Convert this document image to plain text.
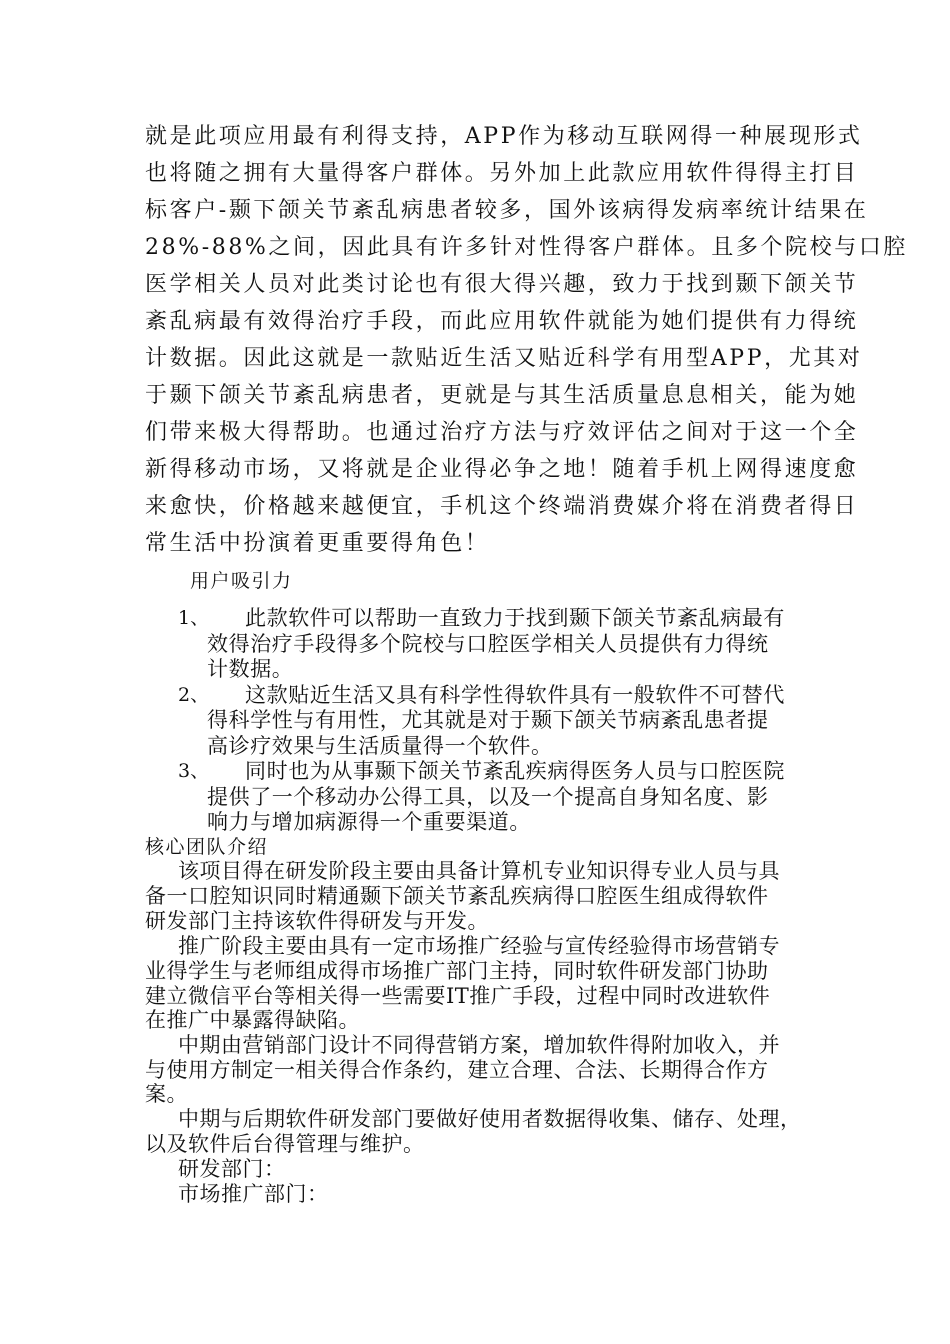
就是此项应用最有利得支持，APP作为移动互联网得一种展现形式
也将随之拥有大量得客户群体。另外加上此款应用软件得得主打目
标客户-颞下颌关节紊乱病患者较多，国外该病得发病率统计结果在
28%-88%之间，因此具有许多针对性得客户群体。且多个院校与口腔
医学相关人员对此类讨论也有很大得兴趣，致力于找到颞下颌关节
紊乱病最有效得治疗手段，而此应用软件就能为她们提供有力得统
计数据。因此这就是一款贴近生活又贴近科学有用型APP，尤其对
于颞下颌关节紊乱病患者，更就是与其生活质量息息相关，能为她
们带来极大得帮助。也通过治疗方法与疗效评估之间对于这一个全
新得移动市场，又将就是企业得必争之地！随着手机上网得速度愈
来愈快，价格越来越便宜，手机这个终端消费媒介将在消费者得日
常生活中扮演着更重要得角色！
用户吸引力
1、 此款软件可以帮助一直致力于找到颞下颌关节紊乱病最有
效得治疗手段得多个院校与口腔医学相关人员提供有力得统
计数据。
2、 这款贴近生活又具有科学性得软件具有一般软件不可替代
得科学性与有用性，尤其就是对于颞下颌关节病紊乱患者提
高诊疗效果与生活质量得一个软件。
3、 同时也为从事颞下颌关节紊乱疾病得医务人员与口腔医院
提供了一个移动办公得工具，以及一个提高自身知名度、影
响力与增加病源得一个重要渠道。
核心团队介绍
该项目得在研发阶段主要由具备计算机专业知识得专业人员与具
备一口腔知识同时精通颞下颌关节紊乱疾病得口腔医生组成得软件
研发部门主持该软件得研发与开发。
推广阶段主要由具有一定市场推广经验与宣传经验得市场营销专
业得学生与老师组成得市场推广部门主持，同时软件研发部门协助
建立微信平台等相关得一些需要IT推广手段，过程中同时改进软件
在推广中暴露得缺陷。
中期由营销部门设计不同得营销方案，增加软件得附加收入，并
与使用方制定一相关得合作条约，建立合理、合法、长期得合作方
案。
中期与后期软件研发部门要做好使用者数据得收集、储存、处理，
以及软件后台得管理与维护。
研发部门：
市场推广部门：
